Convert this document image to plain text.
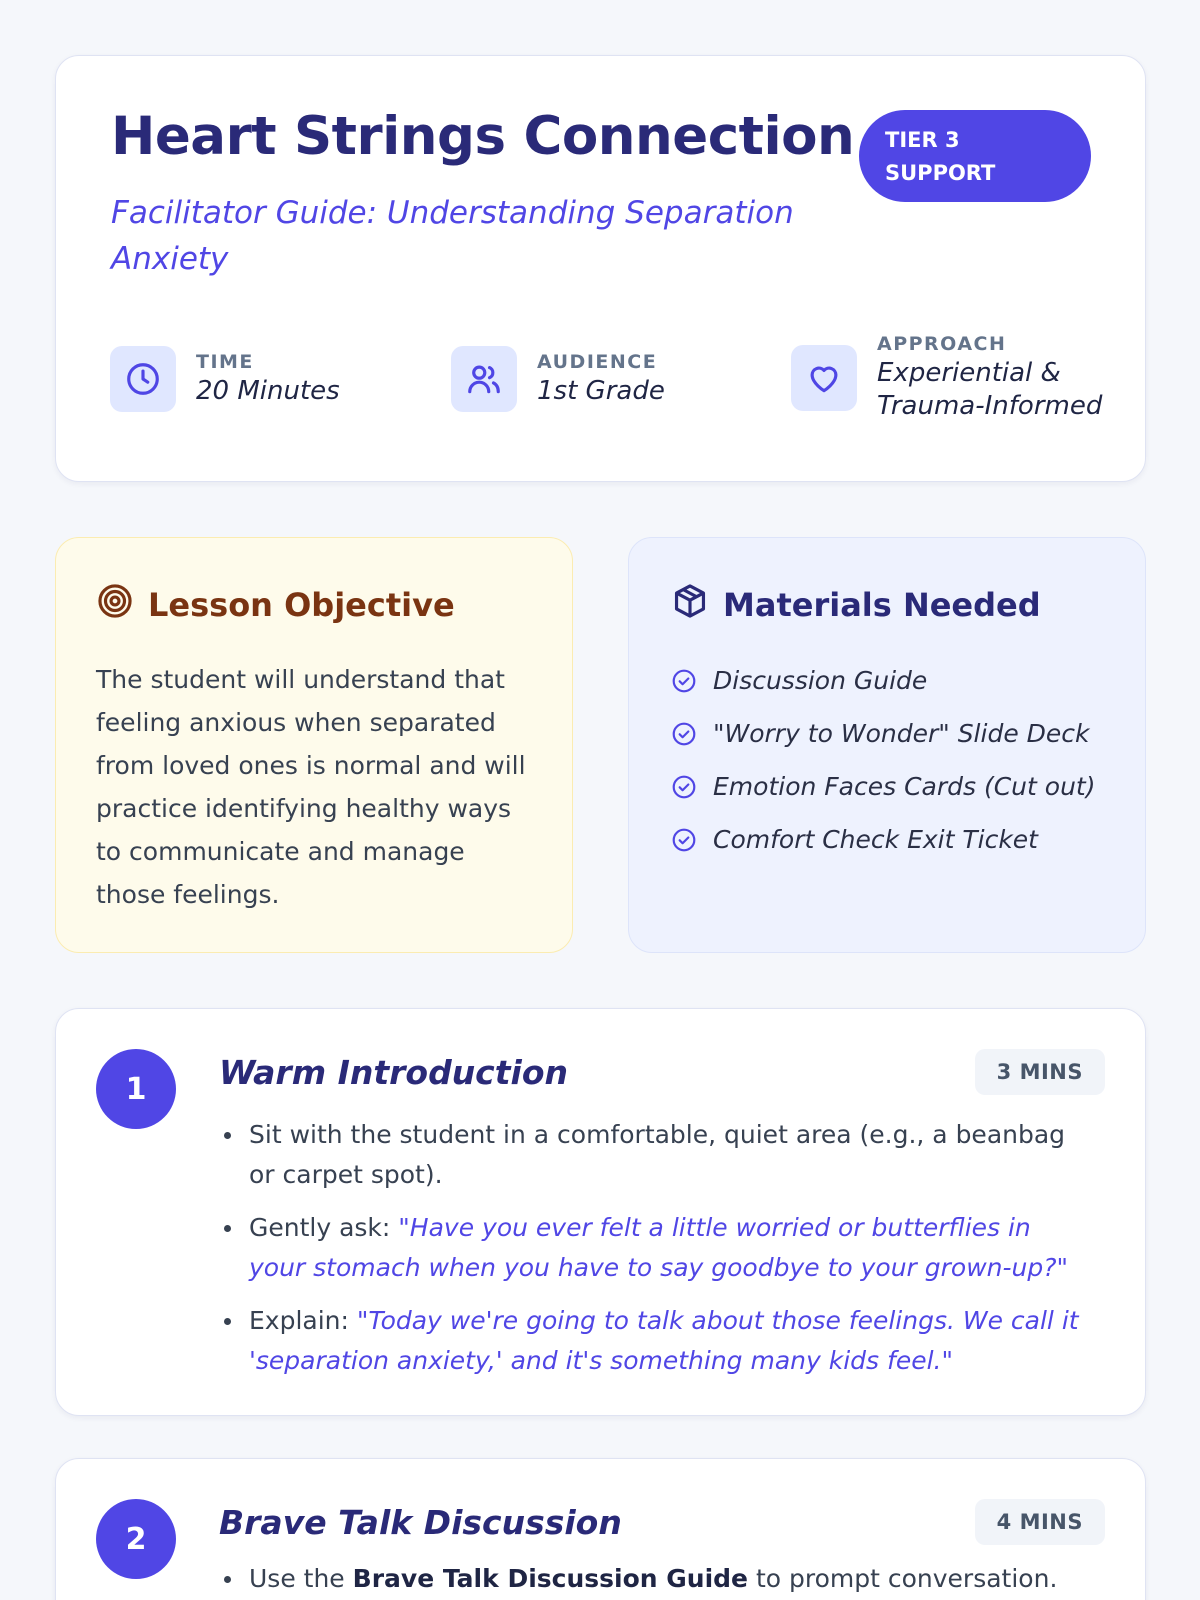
Heart Strings Connection
Facilitator Guide: Understanding Separation Anxiety
TIER 3
SUPPORT
TIME
20 Minutes
AUDIENCE
1st Grade
APPROACH
Experiential &
Trauma-Informed
Lesson Objective

The student will understand that feeling anxious when separated from loved ones is normal and will practice identifying healthy ways to communicate and manage those feelings.

Materials Needed
Discussion Guide
"Worry to Wonder" Slide Deck
Emotion Faces Cards (Cut out)
Comfort Check Exit Ticket
1	Warm Introduction	3 MINS
Sit with the student in a comfortable, quiet area (e.g., a beanbag or carpet spot).
Gently ask: "Have you ever felt a little worried or butterflies in your stomach when you have to say goodbye to your grown-up?"
Explain: "Today we're going to talk about those feelings. We call it 'separation anxiety,' and it's something many kids feel."
2	Brave Talk Discussion	4 MINS
Use the Brave Talk Discussion Guide to prompt conversation.
